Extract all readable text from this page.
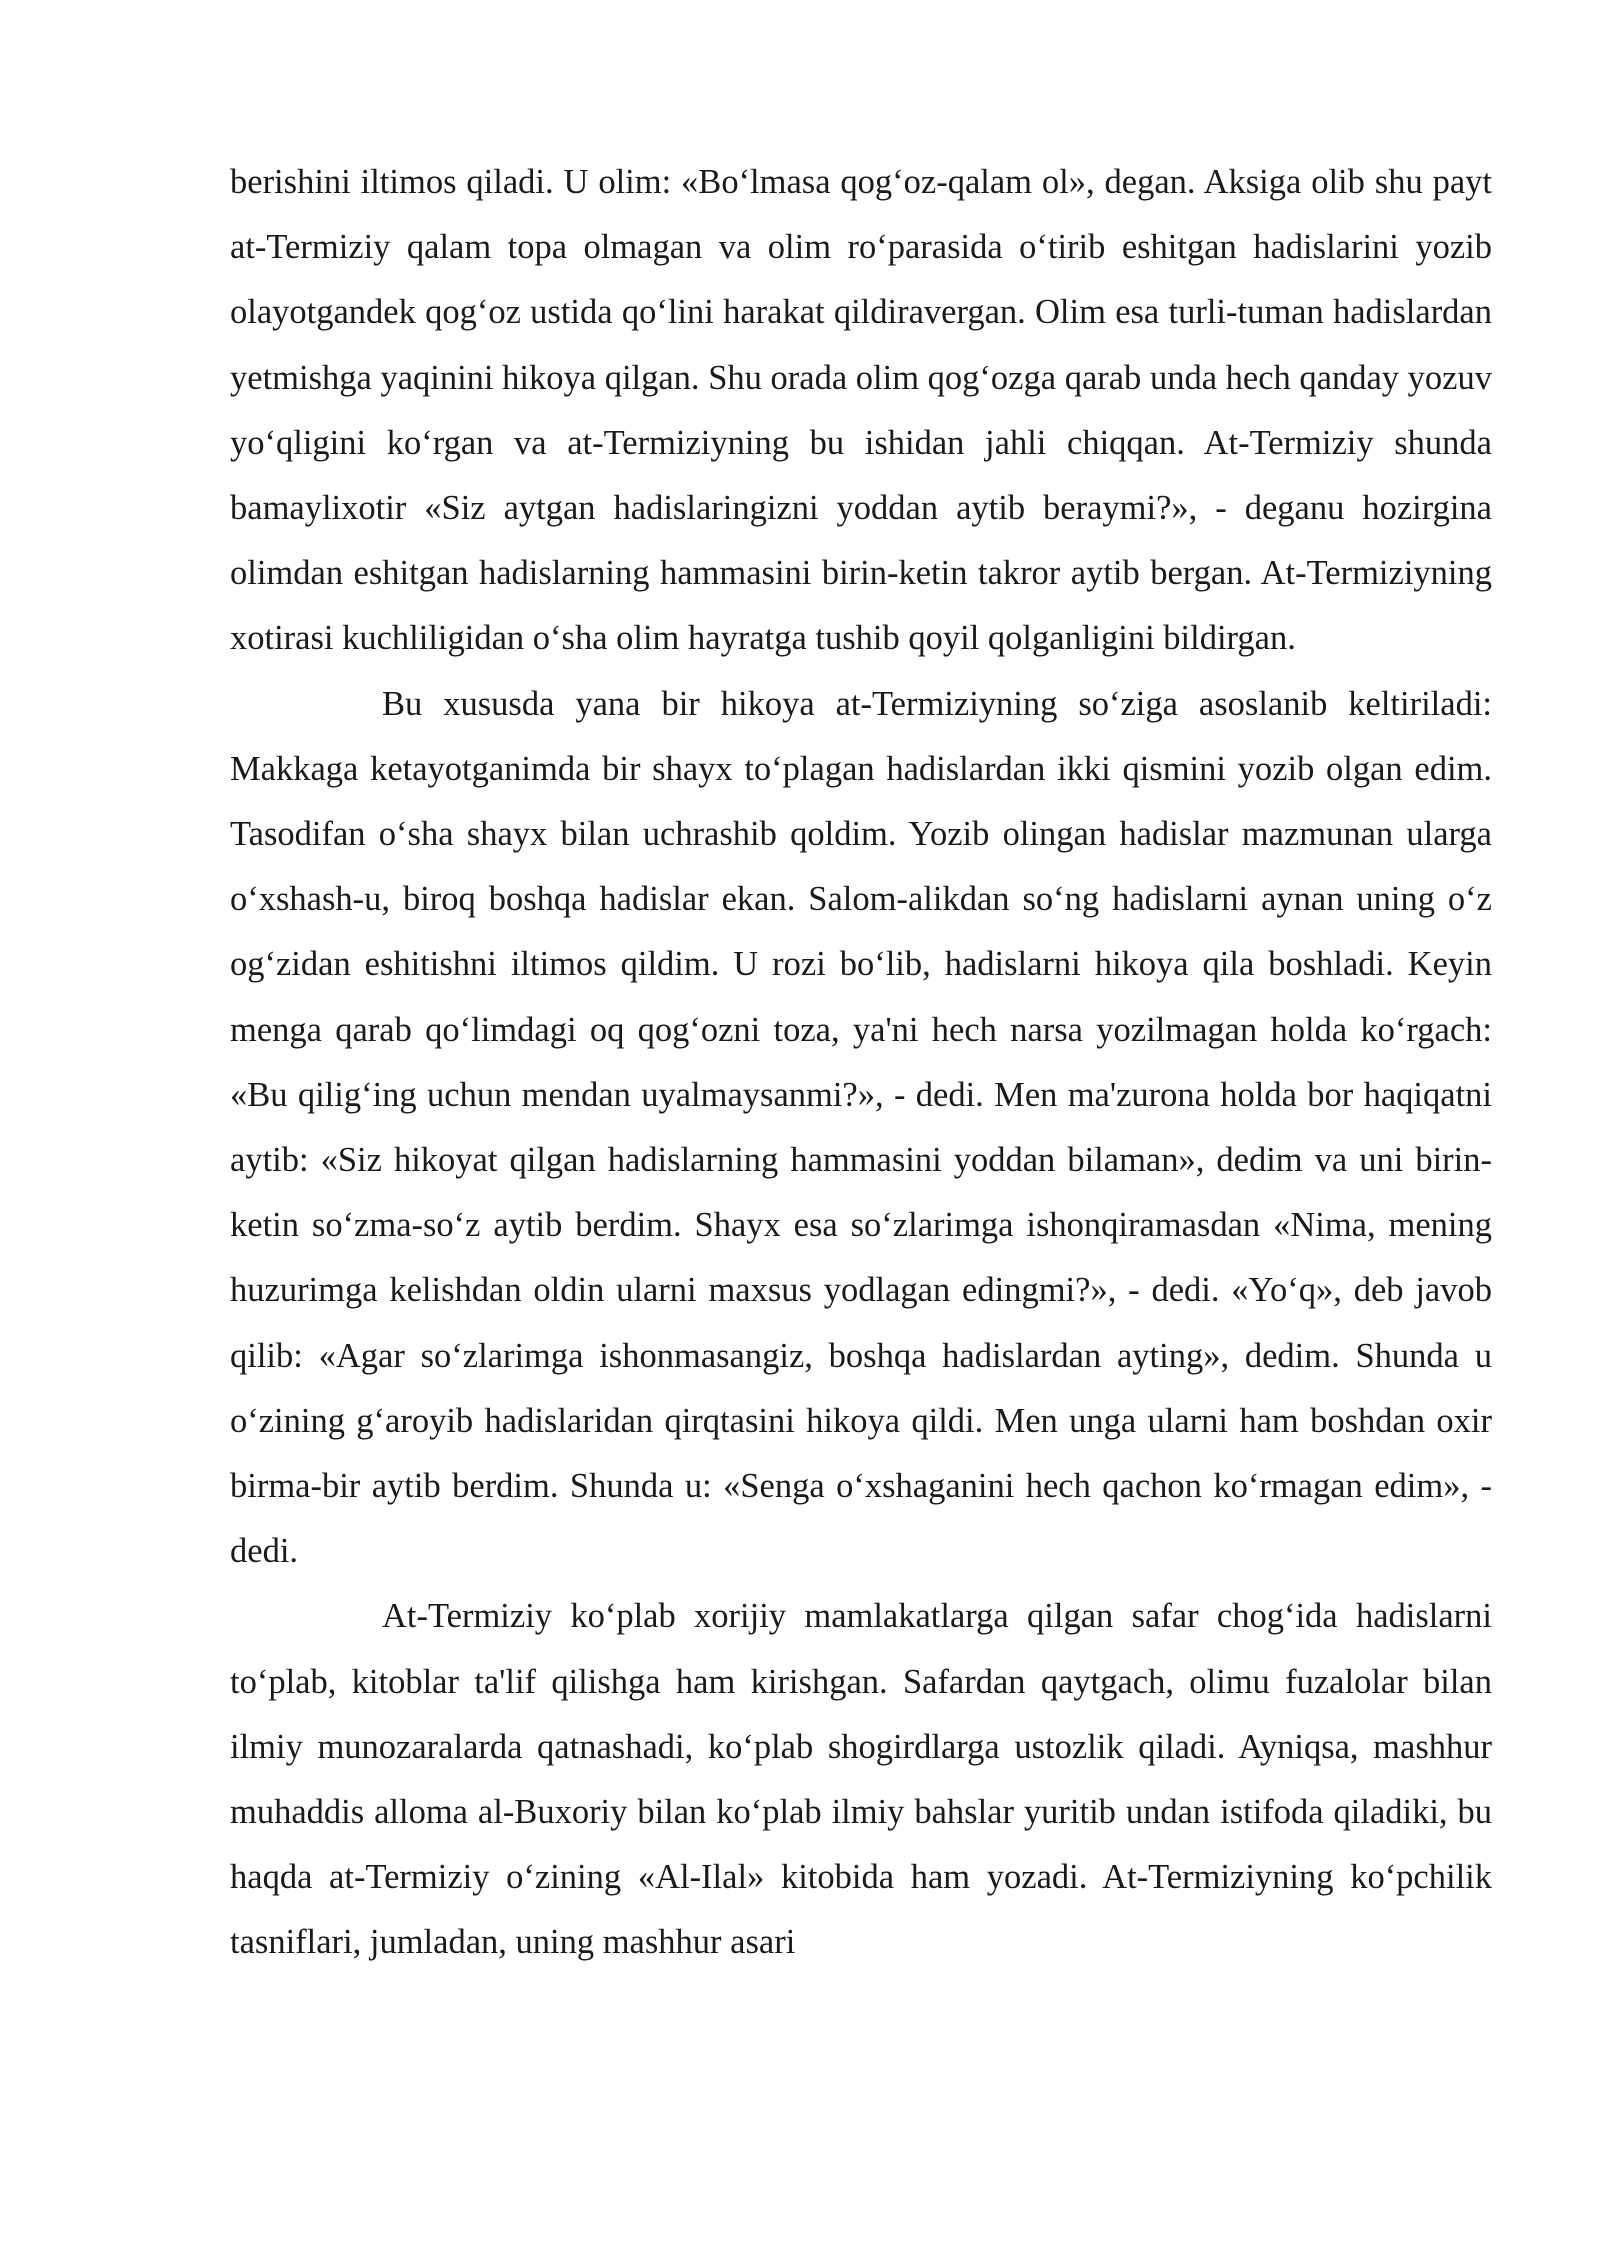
berishini iltimos qiladi. U olim: «Bo‘lmasa qog‘oz-qalam ol», degan. Aksiga olib shu payt at-Termiziy qalam topa olmagan va olim ro‘parasida o‘tirib eshitgan hadislarini yozib olayotgandek qog‘oz ustida qo‘lini harakat qildiravergan. Olim esa turli-tuman hadislardan yetmishga yaqinini hikoya qilgan. Shu orada olim qog‘ozga qarab unda hech qanday yozuv yo‘qligini ko‘rgan va at-Termiziyning bu ishidan jahli chiqqan. At-Termiziy shunda bamaylixotir «Siz aytgan hadislaringizni yoddan aytib beraymi?», - deganu hozirgina olimdan eshitgan hadislarning hammasini birin-ketin takror aytib bergan. At-Termiziyning xotirasi kuchliligidan o‘sha olim hayratga tushib qoyil qolganligini bildirgan.

Bu xususda yana bir hikoya at-Termiziyning so‘ziga asoslanib keltiriladi: Makkaga ketayotganimda bir shayx to‘plagan hadislardan ikki qismini yozib olgan edim. Tasodifan o‘sha shayx bilan uchrashib qoldim. Yozib olingan hadislar mazmunan ularga o‘xshash-u, biroq boshqa hadislar ekan. Salom-alikdan so‘ng hadislarni aynan uning o‘z og‘zidan eshitishni iltimos qildim. U rozi bo‘lib, hadislarni hikoya qila boshladi. Keyin menga qarab qo‘limdagi oq qog‘ozni toza, ya'ni hech narsa yozilmagan holda ko‘rgach: «Bu qilig‘ing uchun mendan uyalmaysanmi?», - dedi. Men ma'zurona holda bor haqiqatni aytib: «Siz hikoyat qilgan hadislarning hammasini yoddan bilaman», dedim va uni birin-ketin so‘zma-so‘z aytib berdim. Shayx esa so‘zlarimga ishonqiramasdan «Nima, mening huzurimga kelishdan oldin ularni maxsus yodlagan edingmi?», - dedi. «Yo‘q», deb javob qilib: «Agar so‘zlarimga ishonmasangiz, boshqa hadislardan ayting», dedim. Shunda u o‘zining g‘aroyib hadislaridan qirqtasini hikoya qildi. Men unga ularni ham boshdan oxir birma-bir aytib berdim. Shunda u: «Senga o‘xshaganini hech qachon ko‘rmagan edim», - dedi.

At-Termiziy ko‘plab xorijiy mamlakatlarga qilgan safar chog‘ida hadislarni to‘plab, kitoblar ta'lif qilishga ham kirishgan. Safardan qaytgach, olimu fuzalolar bilan ilmiy munozaralarda qatnashadi, ko‘plab shogirdlarga ustozlik qiladi. Ayniqsa, mashhur muhaddis alloma al-Buxoriy bilan ko‘plab ilmiy bahslar yuritib undan istifoda qiladiki, bu haqda at-Termiziy o‘zining «Al-Ilal» kitobida ham yozadi. At-Termiziyning ko‘pchilik tasniflari, jumladan, uning mashhur asari
